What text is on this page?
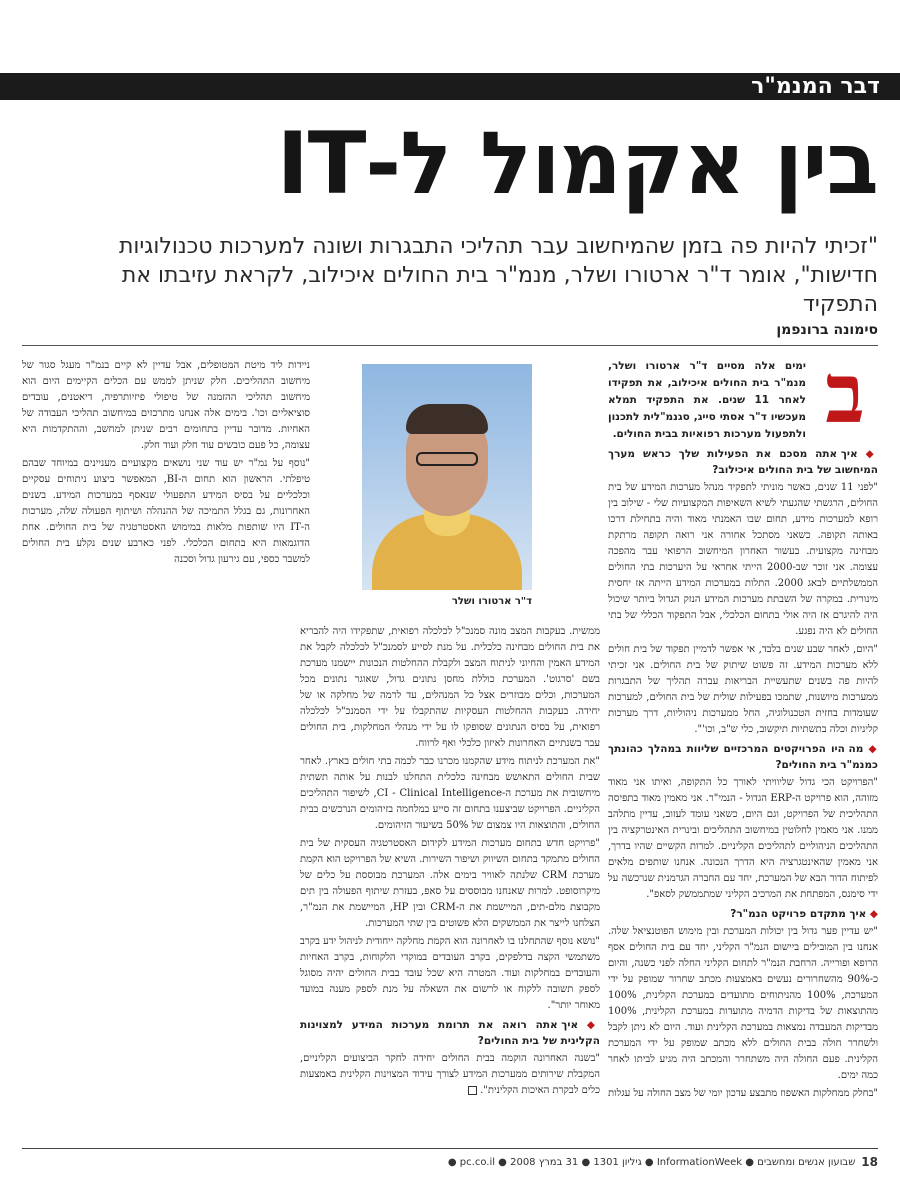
דבר המנמ"ר
בין אקמול ל-IT
"זכיתי להיות פה בזמן שהמיחשוב עבר תהליכי התבגרות ושונה למערכות טכנולוגיות חדישות", אומר ד"ר ארטורו ושלר, מנמ"ר בית החולים איכילוב, לקראת עזיבתו את התפקיד
סימונה ברונפמן
ב

ימים אלה מסיים ד"ר ארטורו ושלר, מנמ"ר בית החולים איכילוב, את תפקידו לאחר 11 שנים. את התפקיד תמלא מעכשיו ד"ר אסתי סייג, סגנמ"לית לתכנון ולתפעול מערכות רפואיות בבית החולים.

◆ איך אתה מסכם את הפעילות שלך כראש מערך המיחשוב של בית החולים איכילוב?

"לפני 11 שנים, כאשר מוניתי לתפקיד מנהל מערכות המידע של בית החולים, הרגשתי שהגעתי לשיא השאיפות המקצועיות שלי - שילוב בין רופא למערכות מידע, תחום שבו האמנתי מאוד והיה בתחילת דרכו באותה תקופה. כשאני מסתכל אחורה אני רואה תקופה מרתקת מבחינה מקצועית. בעשור האחרון המיחשוב הרפואי עבר מהפכה עצומה. אני זוכר שב-2000 הייתי אחראי על היערכות בתי החולים הממשלתיים לבאג 2000. התלות במערכות המידע הייתה אז יחסית מינורית. במקרה של השבתת מערכות המידע הנזק הגדול ביותר שיכול היה להיגרם אז היה אולי בתחום הכלכלי, אבל התפקוד הכללי של בתי החולים לא היה נפגע.

"היום, לאחר שבע שנים בלבד, אי אפשר לדמיין תפקוד של בית חולים ללא מערכות המידע. זה פשוט שיתוק של בית החולים. אני זכיתי להיות פה בשנים שתעשיית הבריאות עברה תהליך של התבגרות ממערכות מיושנות, שתמכו בפעילות שולית של בית החולים, למערכות שעומדות בחזית הטכנולוגיה, החל ממערכות ניהוליות, דרך מערכות קליניות וכלה בתשתיות תיקשוב, כלי ש"ב, וכו'".

◆ מה היו הפרויקטים המרכזיים שליוות במהלך כהונתך כמנמ"ר בית החולים?

"הפרויקט הכי גדול שליוויתי לאורך כל התקופה, ואיתו אני מאוד מזוהה, הוא פרויקט ה-ERP הגדול - הנמי"ר. אני מאמין מאוד בתפיסה התהליכית של הפרויקט, וגם היום, כשאני עומד לעזוב, עדיין מתלהב ממנו. אני מאמין לחלוטין במיחשוב התהליכים ובינרית האינטרקציה בין התהליכים הניהוליים לתהליכים הקליניים. למרות הקשיים שהיו בדרך, אני מאמין שהאינטגרציה היא הדרך הנכונה. אנחנו שותפים מלאים לפיתוח הדור הבא של המערכת, יחד עם החברה הגרמנית שנרכשה על ידי סימנס, המפתחת את המרכיב הקליני שמתממשק לסאפ".

◆ איך מתקדם פרויקט הנמ"ר?

"יש עדיין פער גדול בין יכולות המערכת ובין מימוש הפוטנציאל שלה. אנחנו בין המובילים ביישום הנמ"ר הקליני, יחד עם בית החולים אסף הרופא ופורייה. הרחבת הנמ"ר לתחום הקליני החלה לפני כשנה, והיום כ-90% מהשחרורים נעשים באמצעות מכתב שחרור שמופק על ידי המערכת, 100% מהניתוחים מתועדים במערכת הקלינית, 100% מהתוצאות של בדיקות הדמיה מתועדות במערכת הקלינית, 100% מבדיקות המעבדה נמצאות במערכת הקלינית ועוד. היום לא ניתן לקבל ולשחרר חולה בבית החולים ללא מכתב שמופק על ידי המערכת הקלינית. פעם החולה היה משתחרר והמכתב היה מגיע לביתו לאחר כמה ימים.

"בחלק ממחלקות האשפוז מתבצע עדכון יומי של מצב החולה על עגלות

ד"ר ארטורו ושלר

ממשית. בעקבות המצב מונה סמנכ"ל לכלכלה רפואית, שתפקידו היה להבריא את בית החולים מבחינה כלכלית. על מנת לסייע לסמנכ"ל לכלכלה לקבל את המידע האמין והחיוני לניתוח המצב ולקבלת ההחלטות הנכונות יישמנו מערכת בשם 'סרגוט'. המערכת כוללת מחסן נתונים גדול, שאוגר נתונים מכל המערכות, וכלים מבוזרים אצל כל המנהלים, עד לרמה של מחלקה או של יחידה. בעקבות ההחלטות העסקיות שהתקבלו על ידי הסמנכ"ל לכלכלה רפואית, על בסיס הנתונים שסופקו לו על ידי מנהלי המחלקות, בית החולים עבר בשנתיים האחרונות לאיזון כלכלי ואף לרווח.

"את המערכת לניתוח מידע שהקמנו מכרנו כבר לכמה בתי חולים בארץ. לאחר שבית החולים התאושש מבחינה כלכלית התחלנו לבנות על אותה תשתית מיחשובית את מערכת ה-CI - Clinical Intelligence, לשיפור התהליכים הקליניים. הפרויקט שביצענו בתחום זה סייע במלחמה בזיהומים הנרכשים בבית החולים, והתוצאות היו צמצום של 50% בשיעור הזיהומים.

"פרויקט חדש בתחום מערכות המידע לקידום האסטרטגיה העסקית של בית החולים מתמקד בתחום השיווק ושיפור השירות. השיא של הפרויקט הוא הקמת מערכת CRM שלנתה לאוויר בימים אלה. המערכת מבוססת על כלים של מיקרוסופט. למרות שאנחנו מבוססים על סאפ, בעזרת שיתוף הפעולה בין תים מקבוצת מלם-תים, המיישמת את ה-CRM ובין HP, המיישמת את הנמ"ר, הצלחנו לייצר את הממשקים הלא פשוטים בין שתי המערכות.

"נושא נוסף שהתחלנו בו לאחרונה הוא הקמת מחלקה ייחודית לניהול ידע בקרב משתמשי הקצה בדלפקים, בקרב העובדים במוקדי הלקוחות, בקרב האחיות והעובדים במחלקות ועוד. המטרה היא שכל עובד בבית החולים יהיה מסוגל לספק תשובה ללקוח או לרשום את השאלה על מנת לספק מענה במועד מאוחר יותר".

◆ איך אתה רואה את תרומת מערכות המידע למצוינות הקלינית של בית החולים?

"בשנה האחרונה הוקמה בבית החולים יחידה לחקר הביצועים הקליניים, המקבלת שירותים ממערכות המידע לצורך עידוד המצוינות הקלינית באמצעות כלים לבקרת האיכות הקלינית".

ניידות ליד מיטת המטופלים, אבל עדיין לא קיים בנמ"ר מעגל סגור של מיחשוב התהליכים. חלק שניתן לממש עם הכלים הקיימים היום הוא מיחשוב תהליכי ההזמנה של טיפולי פיזיותרפיה, דיאטנים, עובדים סוציאליים וכו'. בימים אלה אנחנו מתרכזים במיחשוב תהליכי העבודה של האחיות. מדובר עדיין בתחומים רבים שניתן למחשב, וההתקדמות היא עצומה, כל פעם כובשים עוד חלק ועוד חלק.

"נוסף על נמ"ר יש עוד שני נושאים מקצועיים מעניינים במיוחד שבהם טיפלתי. הראשון הוא תחום ה-BI, המאפשר ביצוע ניתוחים עסקיים וכלכליים על בסיס המידע התפעולי שנאסף במערכות המידע. בשנים האחרונות, גם בגלל התמיכה של ההנהלה ושיתוף הפעולה שלה, מערכות ה-IT היו שותפות מלאות במימוש האסטרטגיה של בית החולים. אחת הדוגמאות היא בתחום הכלכלי. לפני כארבע שנים נקלע בית החולים למשבר כספי, עם גירעון גדול וסכנה

18
שבועון אנשים ומחשבים ● InformationWeek ● גיליון 1301 ● 31 במרץ 2008 ● pc.co.il ●
